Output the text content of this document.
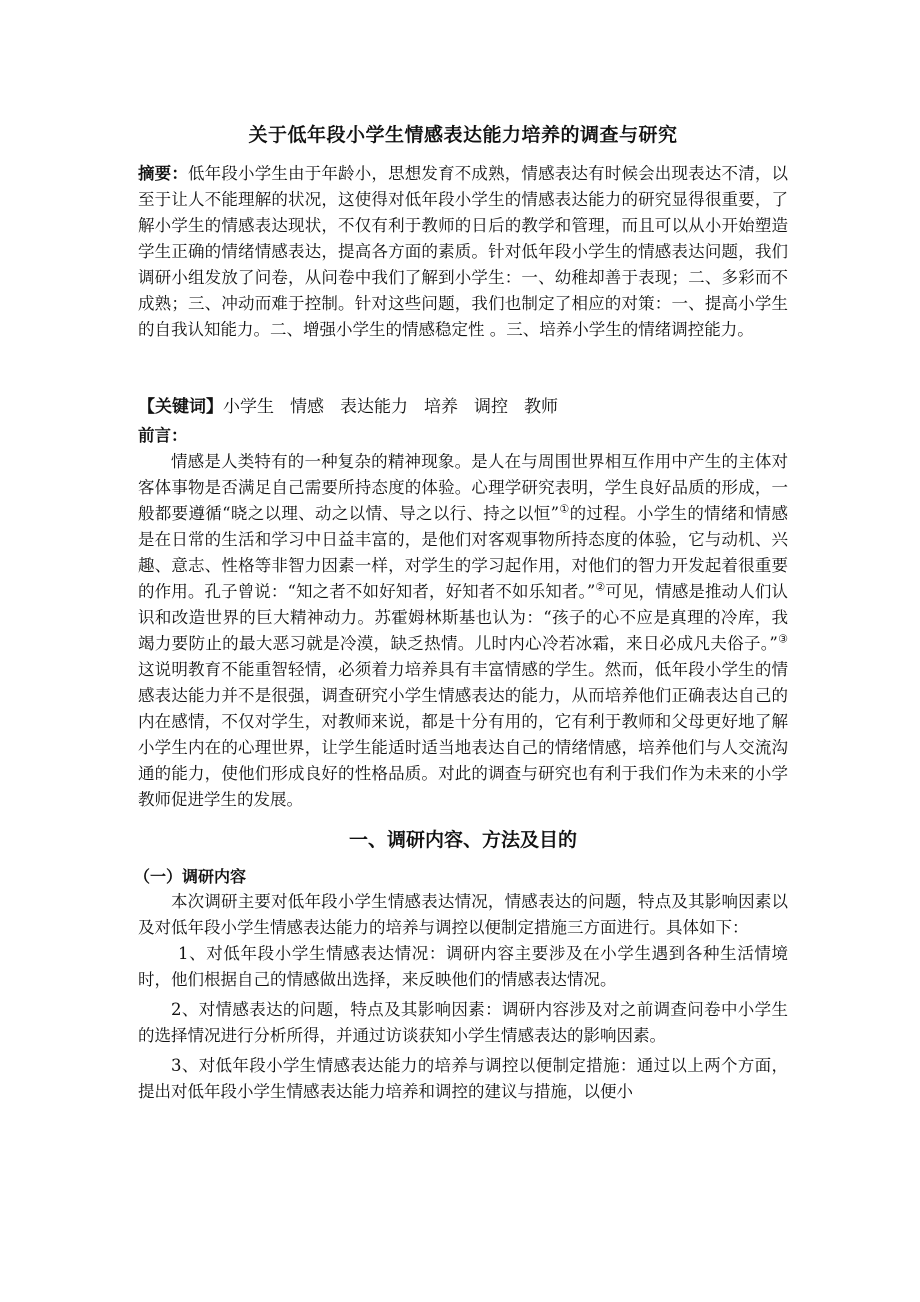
关于低年段小学生情感表达能力培养的调查与研究

摘要：低年段小学生由于年龄小，思想发育不成熟，情感表达有时候会出现表达不清，以至于让人不能理解的状况，这使得对低年段小学生的情感表达能力的研究显得很重要，了解小学生的情感表达现状，不仅有利于教师的日后的教学和管理，而且可以从小开始塑造学生正确的情绪情感表达，提高各方面的素质。针对低年段小学生的情感表达问题，我们调研小组发放了问卷，从问卷中我们了解到小学生：一、幼稚却善于表现；二、多彩而不成熟；三、冲动而难于控制。针对这些问题，我们也制定了相应的对策：一、提高小学生的自我认知能力。二、增强小学生的情感稳定性 。三、培养小学生的情绪调控能力。

【关键词】小学生 情感 表达能力 培养 调控 教师

前言：

情感是人类特有的一种复杂的精神现象。是人在与周围世界相互作用中产生的主体对客体事物是否满足自己需要所持态度的体验。心理学研究表明，学生良好品质的形成，一般都要遵循“晓之以理、动之以情、导之以行、持之以恒”①的过程。小学生的情绪和情感是在日常的生活和学习中日益丰富的，是他们对客观事物所持态度的体验，它与动机、兴趣、意志、性格等非智力因素一样，对学生的学习起作用，对他们的智力开发起着很重要的作用。孔子曾说：“知之者不如好知者，好知者不如乐知者。”②可见，情感是推动人们认识和改造世界的巨大精神动力。苏霍姆林斯基也认为：“孩子的心不应是真理的冷库，我竭力要防止的最大恶习就是冷漠，缺乏热情。儿时内心冷若冰霜，来日必成凡夫俗子。”③这说明教育不能重智轻情，必须着力培养具有丰富情感的学生。然而，低年段小学生的情感表达能力并不是很强，调查研究小学生情感表达的能力，从而培养他们正确表达自己的内在感情，不仅对学生，对教师来说，都是十分有用的，它有利于教师和父母更好地了解小学生内在的心理世界，让学生能适时适当地表达自己的情绪情感，培养他们与人交流沟通的能力，使他们形成良好的性格品质。对此的调查与研究也有利于我们作为未来的小学教师促进学生的发展。

一、调研内容、方法及目的
（一）调研内容

本次调研主要对低年段小学生情感表达情况，情感表达的问题，特点及其影响因素以及对低年段小学生情感表达能力的培养与调控以便制定措施三方面进行。具体如下：

1、对低年段小学生情感表达情况：调研内容主要涉及在小学生遇到各种生活情境时，他们根据自己的情感做出选择，来反映他们的情感表达情况。

2、对情感表达的问题，特点及其影响因素：调研内容涉及对之前调查问卷中小学生的选择情况进行分析所得，并通过访谈获知小学生情感表达的影响因素。

3、对低年段小学生情感表达能力的培养与调控以便制定措施：通过以上两个方面，提出对低年段小学生情感表达能力培养和调控的建议与措施，以便小
